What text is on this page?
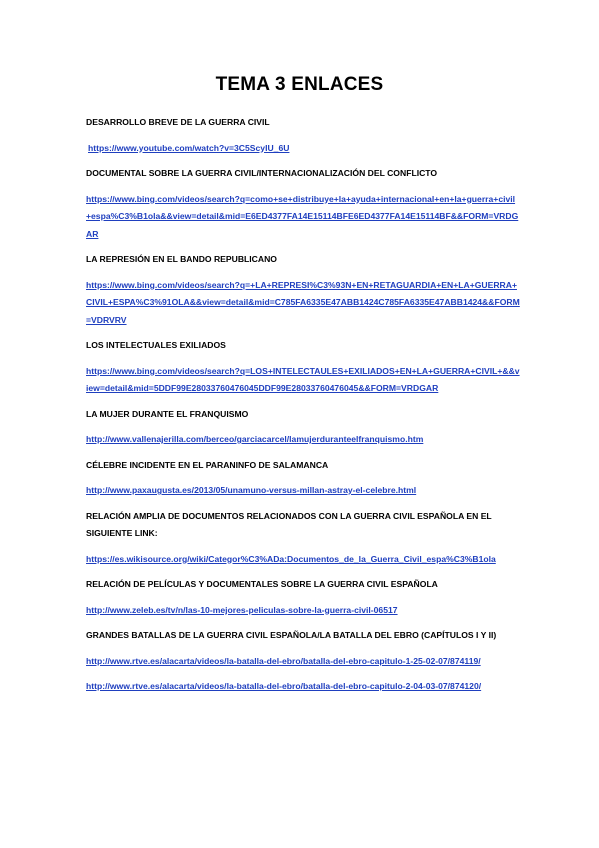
TEMA 3 ENLACES
DESARROLLO BREVE DE LA GUERRA CIVIL
https://www.youtube.com/watch?v=3C5ScyIU_6U
DOCUMENTAL SOBRE LA GUERRA CIVIL/INTERNACIONALIZACIÓN DEL CONFLICTO
https://www.bing.com/videos/search?q=como+se+distribuye+la+ayuda+internacional+en+la+guerra+civil+espa%C3%B1ola&&view=detail&mid=E6ED4377FA14E15114BFE6ED4377FA14E15114BF&&FORM=VRDGAR
LA REPRESIÓN EN EL BANDO REPUBLICANO
https://www.bing.com/videos/search?q=+LA+REPRESI%C3%93N+EN+RETAGUARDIA+EN+LA+GUERRA+CIVIL+ESPA%C3%91OLA&&view=detail&mid=C785FA6335E47ABB1424C785FA6335E47ABB1424&&FORM=VDRVRV
LOS INTELECTUALES EXILIADOS
https://www.bing.com/videos/search?q=LOS+INTELECTAULES+EXILIADOS+EN+LA+GUERRA+CIVIL+&&view=detail&mid=5DDF99E28033760476045DDF99E28033760476045&&FORM=VRDGAR
LA MUJER DURANTE EL FRANQUISMO
http://www.vallenajerilla.com/berceo/garciacarcel/lamujerduranteelfranquismo.htm
CÉLEBRE INCIDENTE EN EL PARANINFO DE SALAMANCA
http://www.paxaugusta.es/2013/05/unamuno-versus-millan-astray-el-celebre.html
RELACIÓN AMPLIA DE DOCUMENTOS RELACIONADOS CON LA GUERRA CIVIL ESPAÑOLA EN EL SIGUIENTE LINK:
https://es.wikisource.org/wiki/Categor%C3%ADa:Documentos_de_la_Guerra_Civil_espa%C3%B1ola
RELACIÓN DE PELÍCULAS Y DOCUMENTALES SOBRE LA GUERRA CIVIL ESPAÑOLA
http://www.zeleb.es/tv/n/las-10-mejores-peliculas-sobre-la-guerra-civil-06517
GRANDES BATALLAS DE LA GUERRA CIVIL ESPAÑOLA/LA BATALLA DEL EBRO (CAPÍTULOS I Y II)
http://www.rtve.es/alacarta/videos/la-batalla-del-ebro/batalla-del-ebro-capitulo-1-25-02-07/874119/
http://www.rtve.es/alacarta/videos/la-batalla-del-ebro/batalla-del-ebro-capitulo-2-04-03-07/874120/
